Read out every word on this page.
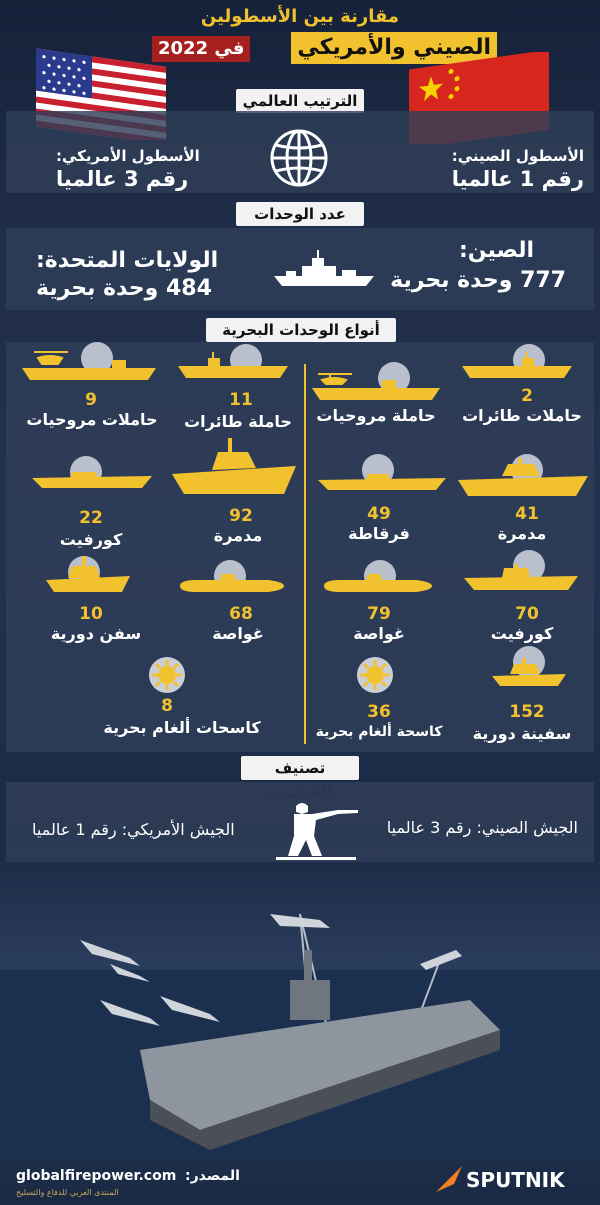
مقارنة بين الأسطولين
الصيني والأمريكي
في 2022
الترتيب العالمي
الأسطول الصيني:
رقم 1 عالميا
الأسطول الأمريكي:
رقم 3 عالميا
عدد الوحدات
الصين:
777 وحدة بحرية
الولايات المتحدة:
484 وحدة بحرية
أنواع الوحدات البحرية
2
حاملات طائرات
حاملة مروحيات
41
مدمرة
49
فرقاطة
70
كورفيت
79
غواصة
152
سفينة دورية
36
كاسحة ألغام بحرية
11
حاملة طائرات
9
حاملات مروحيات
92
مدمرة
22
كورفيت
68
غواصة
10
سفن دورية
8
كاسحات ألغام بحرية
تصنيف
الجيش الصيني: رقم 3 عالميا
الجيش الأمريكي: رقم 1 عالميا
globalfirepower.com المصدر:
المنتدى العربي للدفاع والتسليح
SPUTNIK
